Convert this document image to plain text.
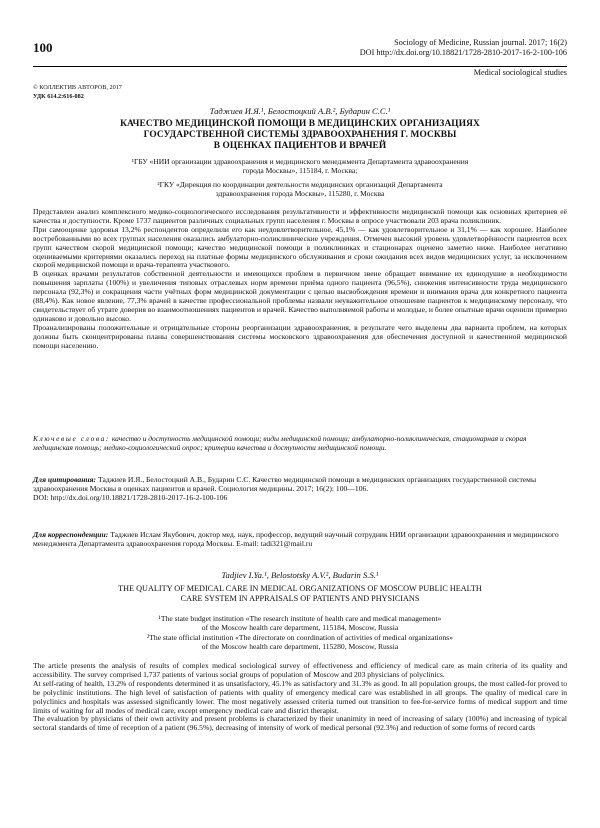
100	Sociology of Medicine, Russian journal. 2017; 16(2)
DOI http://dx.doi.org/10.18821/1728-2810-2017-16-2-100-106
Medical sociological studies
© КОЛЛЕКТИВ АВТОРОВ, 2017
УДК 614.2:616-082
Таджиев И.Я.¹, Белостоцкий А.В.², Бударин С.С.¹
КАЧЕСТВО МЕДИЦИНСКОЙ ПОМОЩИ В МЕДИЦИНСКИХ ОРГАНИЗАЦИЯХ
ГОСУДАРСТВЕННОЙ СИСТЕМЫ ЗДРАВООХРАНЕНИЯ Г. МОСКВЫ
В ОЦЕНКАХ ПАЦИЕНТОВ И ВРАЧЕЙ
¹ГБУ «НИИ организации здравоохранения и медицинского менеджмента Департамента здравоохранения
города Москвы», 115184, г. Москва;
²ГКУ «Дирекция по координации деятельности медицинских организаций Департамента
здравоохранения города Москвы», 115280, г. Москва

Представлен анализ комплексного медико-социологического исследования результативности и эффективности медицинской помощи как основных критериев её качества и доступности. Кроме 1737 пациентов различных социальных групп населения г. Москвы в опросе участвовали 203 врача поликлиник.

При самооценке здоровья 13,2% респондентов определили его как неудовлетворительное, 45,1% — как удовлетворительное и 31,1% — как хорошее. Наиболее востребованными во всех группах населения оказались амбулаторно-поликлинические учреждения. Отмечен высокий уровень удовлетворённости пациентов всех групп качеством скорой медицинской помощи; качество медицинской помощи в поликлиниках и стационарах оценено заметно ниже. Наиболее негативно оцениваемыми критериями оказались переход на платные формы медицинского обслуживания и сроки ожидания всех видов медицинских услуг, за исключением скорой медицинской помощи и врача-терапевта участкового.

В оценках врачами результатов собственной деятельности и имеющихся проблем в первичном звене обращает внимание их единодушие в необходимости повышения зарплаты (100%) и увеличения типовых отраслевых норм времени приёма одного пациента (96,5%), снижения интенсивности труда медицинского персонала (92,3%) и сокращения части учётных форм медицинской документации с целью высвобождения времени и внимания врача для конкретного пациента (88,4%). Как новое явление, 77,3% врачей в качестве профессиональной проблемы назвали неуважительное отношение пациентов к медицинскому персоналу, что свидетельствует об утрате доверия во взаимоотношениях пациентов и врачей. Качество выполняемой работы и молодые, и более опытные врачи оценили примерно одинаково и довольно высоко.

Проанализированы положительные и отрицательные стороны реорганизации здравоохранения, в результате чего выделены два варианта проблем, на которых должны быть сконцентрированы планы совершенствования системы московского здравоохранения для обеспечения доступной и качественной медицинской помощи населению.

Ключевые слова: качество и доступность медицинской помощи; виды медицинской помощи; амбулаторно-поликлиническая, стационарная и скорая медицинская помощь; медико-социологический опрос; критерии качества и доступности медицинской помощи.
Для цитирования: Таджиев И.Я., Белостоцкий А.В., Бударин С.С. Качество медицинской помощи в медицинских организациях государственной системы здравоохранения Москвы в оценках пациентов и врачей. Социология медицины. 2017; 16(2): 100—106.
DOI: http://dx.doi.org/10.18821/1728-2810-2017-16-2-100-106
Для корреспонденции: Таджиев Ислам Якубович, доктор мед. наук, профессор, ведущий научный сотрудник НИИ организации здравоохранения и медицинского менеджмента Департамента здравоохранения города Москвы. E-mail: tadi321@mail.ru
Tadjiev I.Ya.¹, Belostotsky A.V.², Budarin S.S.¹
THE QUALITY OF MEDICAL CARE IN MEDICAL ORGANIZATIONS OF MOSCOW PUBLIC HEALTH
CARE SYSTEM IN APPRAISALS OF PATIENTS AND PHYSICIANS
¹The state budget institution «The research institute of health care and medical management»
of the Moscow health care department, 115184, Moscow, Russia
²The state official institution «The directorate on coordination of activities of medical organizations»
of the Moscow health care department, 115280, Moscow, Russia

The article presents the analysis of results of complex medical sociological survey of effectiveness and efficiency of medical care as main criteria of its quality and accessibility. The survey comprised 1,737 patients of various social groups of population of Moscow and 203 physicians of polyclinics.

At self-rating of health, 13.2% of respondents determined it as unsatisfactory, 45.1% as satisfactory and 31.3% as good. In all population groups, the most called-for proved to be polyclinic institutions. The high level of satisfaction of patients with quality of emergency medical care was established in all groups. The quality of medical care in polyclinics and hospitals was assessed significantly lower. The most negatively assessed criteria turned out transition to fee-for-service forms of medical support and time limits of waiting for all modes of medical care, except emergency medical care and district therapist.

The evaluation by physicians of their own activity and present problems is characterized by their unanimity in need of increasing of salary (100%) and increasing of typical sectoral standards of time of reception of a patient (96.5%), decreasing of intensity of work of medical personal (92.3%) and reduction of some forms of record cards
